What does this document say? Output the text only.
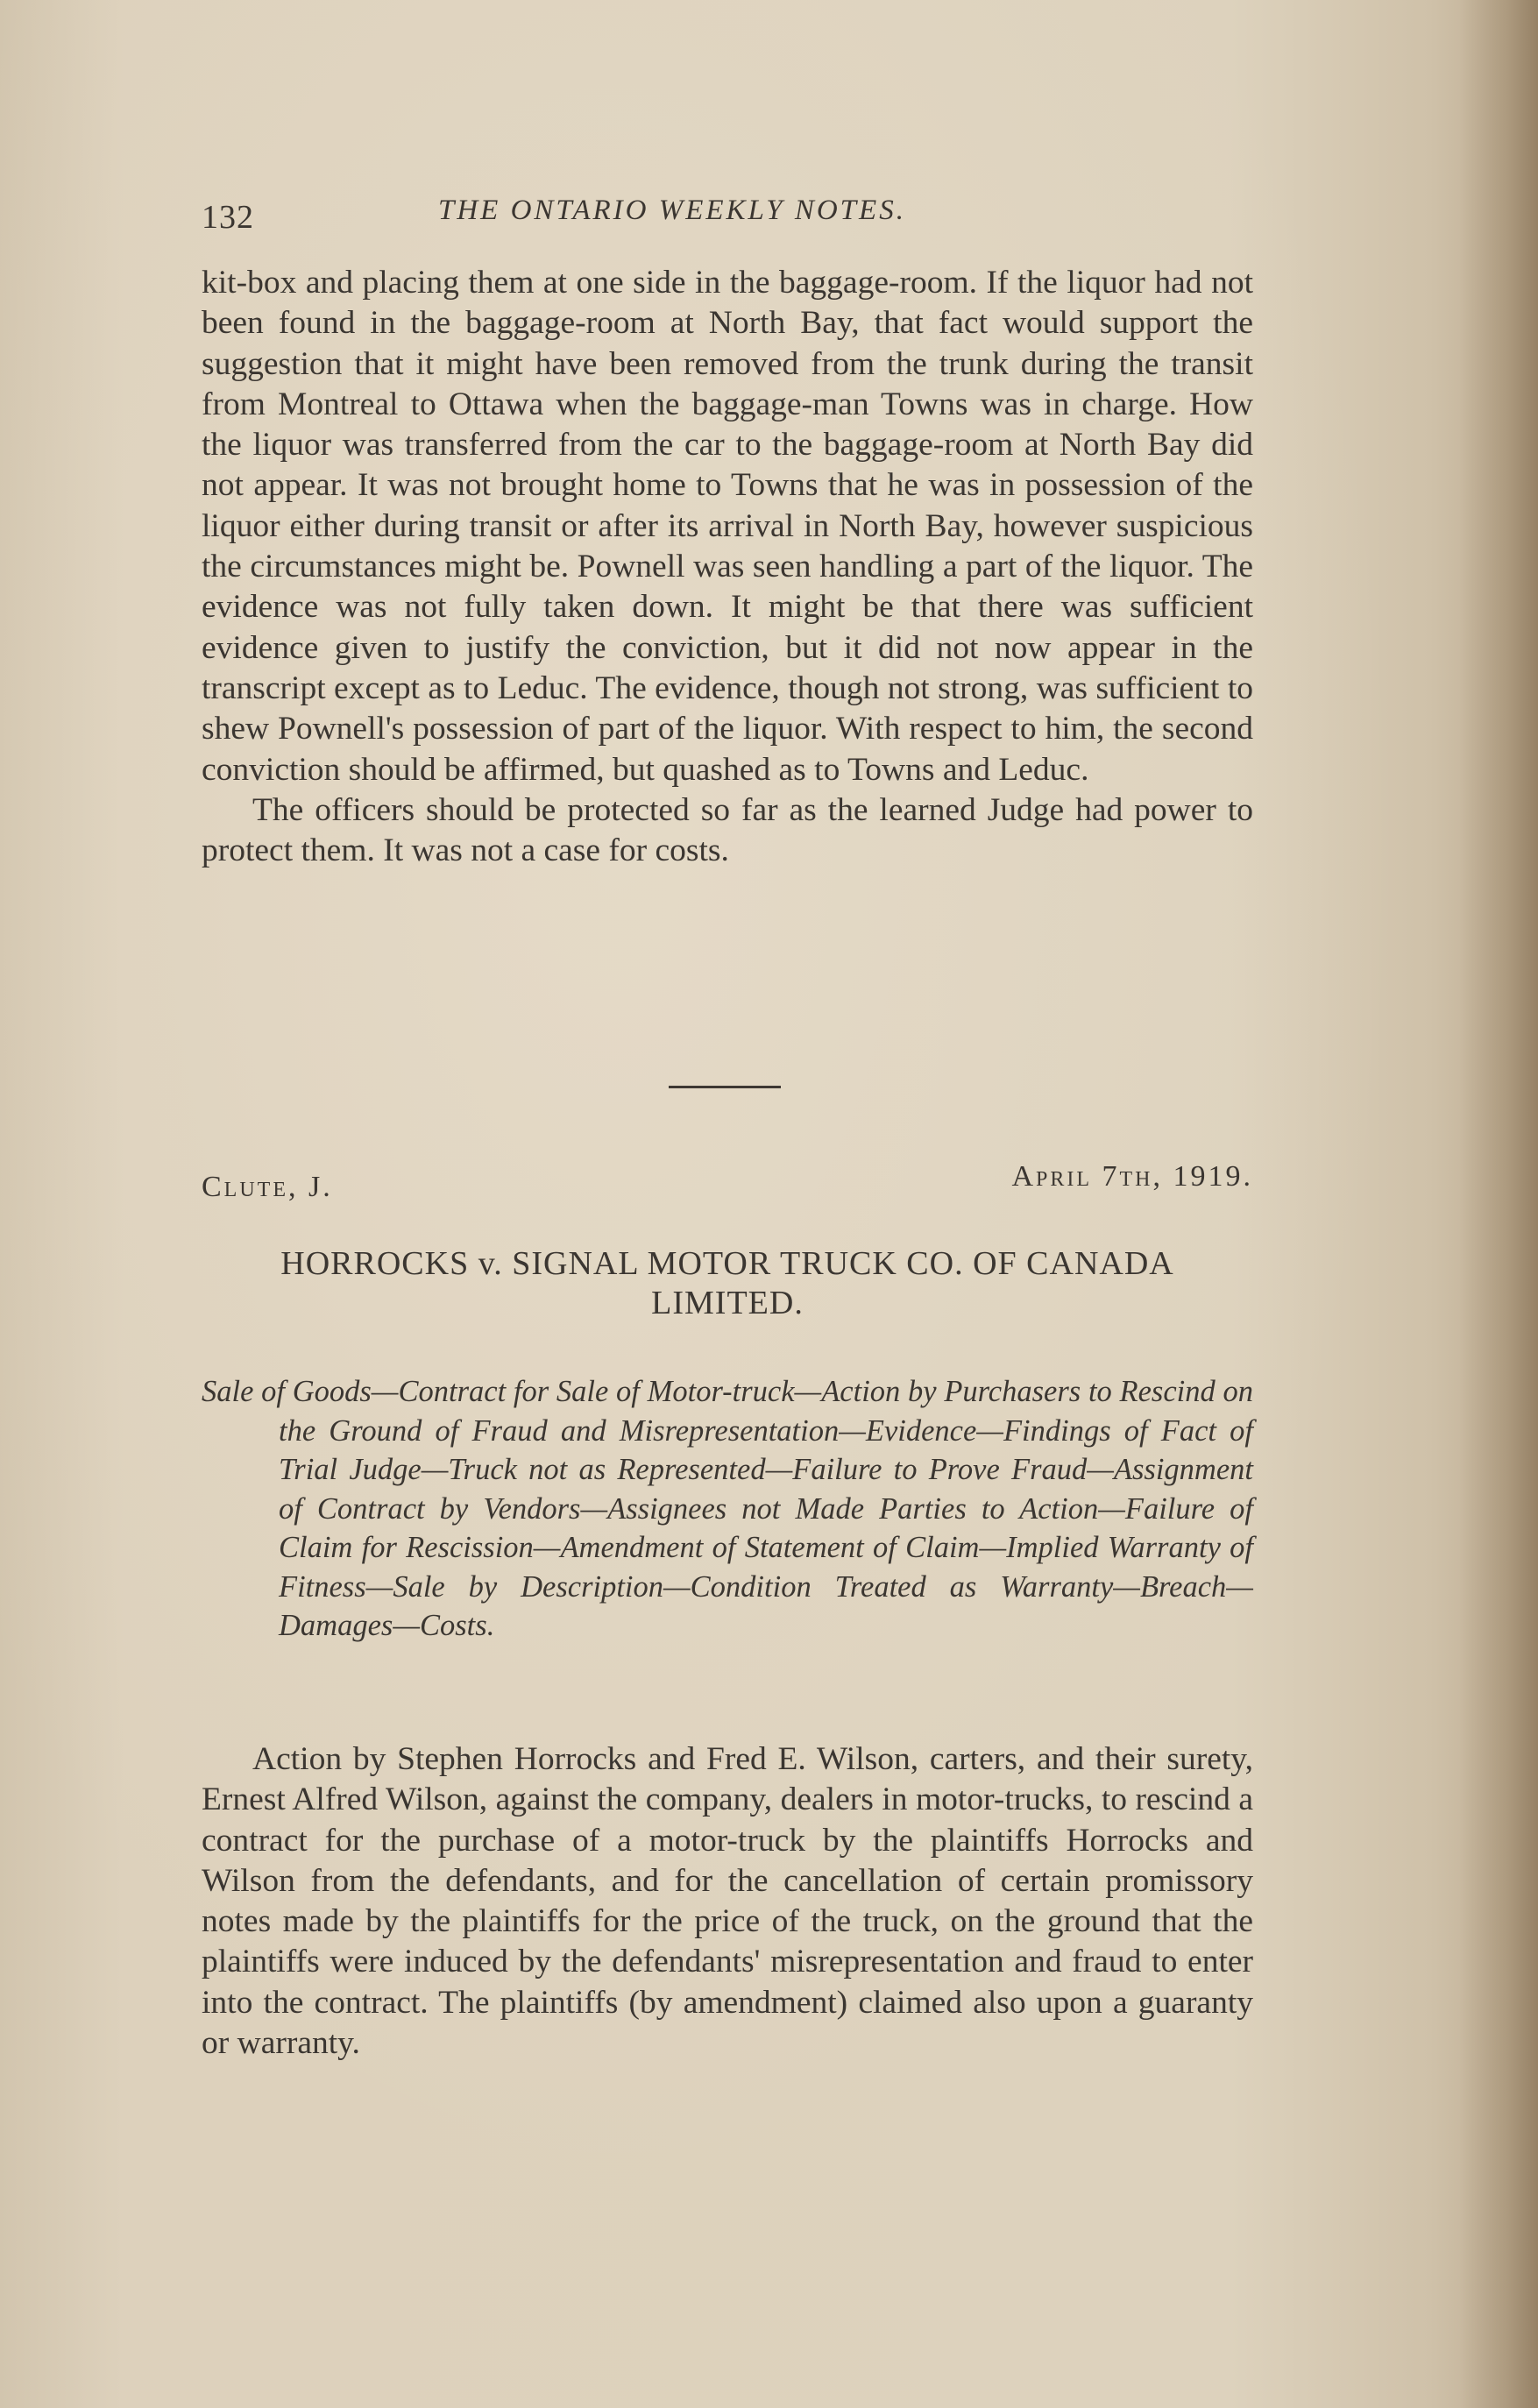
132	THE ONTARIO WEEKLY NOTES.

kit-box and placing them at one side in the baggage-room. If the liquor had not been found in the baggage-room at North Bay, that fact would support the suggestion that it might have been removed from the trunk during the transit from Montreal to Ottawa when the baggage-man Towns was in charge. How the liquor was transferred from the car to the baggage-room at North Bay did not appear. It was not brought home to Towns that he was in possession of the liquor either during transit or after its arrival in North Bay, however suspicious the circumstances might be. Pownell was seen handling a part of the liquor. The evidence was not fully taken down. It might be that there was sufficient evidence given to justify the conviction, but it did not now appear in the transcript except as to Leduc. The evidence, though not strong, was sufficient to shew Pownell's possession of part of the liquor. With respect to him, the second conviction should be affirmed, but quashed as to Towns and Leduc.

The officers should be protected so far as the learned Judge had power to protect them. It was not a case for costs.

Clute, J.	April 7th, 1919.
HORROCKS v. SIGNAL MOTOR TRUCK CO. OF CANADA LIMITED.
Sale of Goods—Contract for Sale of Motor-truck—Action by Purchasers to Rescind on the Ground of Fraud and Misrepresentation—Evidence—Findings of Fact of Trial Judge—Truck not as Represented—Failure to Prove Fraud—Assignment of Contract by Vendors—Assignees not Made Parties to Action—Failure of Claim for Rescission—Amendment of Statement of Claim—Implied Warranty of Fitness—Sale by Description—Condition Treated as Warranty—Breach—Damages—Costs.

Action by Stephen Horrocks and Fred E. Wilson, carters, and their surety, Ernest Alfred Wilson, against the company, dealers in motor-trucks, to rescind a contract for the purchase of a motor-truck by the plaintiffs Horrocks and Wilson from the defendants, and for the cancellation of certain promissory notes made by the plaintiffs for the price of the truck, on the ground that the plaintiffs were induced by the defendants' misrepresentation and fraud to enter into the contract. The plaintiffs (by amendment) claimed also upon a guaranty or warranty.
